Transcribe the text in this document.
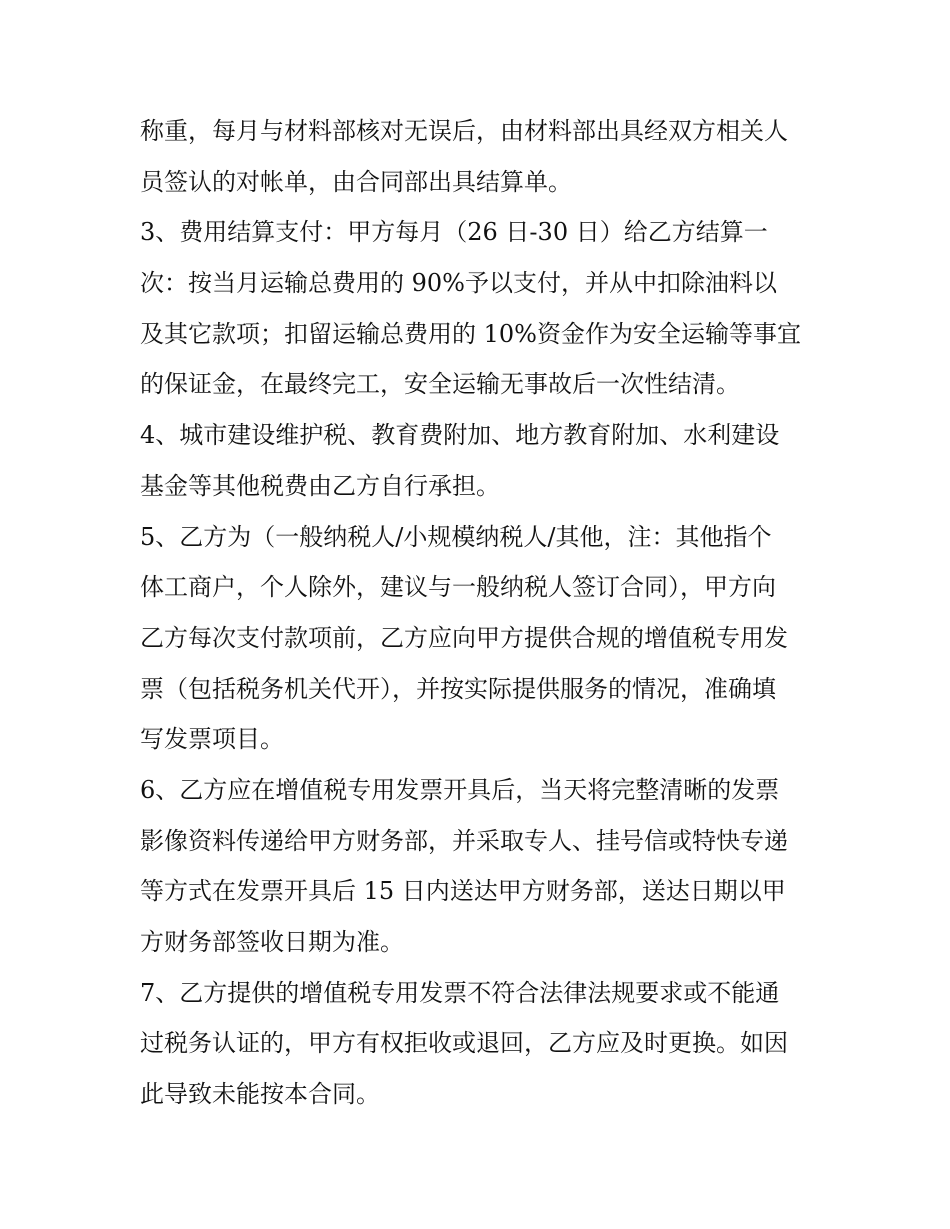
称重，每月与材料部核对无误后，由材料部出具经双方相关人
员签认的对帐单，由合同部出具结算单。
3、费用结算支付：甲方每月（26 日-30 日）给乙方结算一
次：按当月运输总费用的 90%予以支付，并从中扣除油料以
及其它款项；扣留运输总费用的 10%资金作为安全运输等事宜
的保证金，在最终完工，安全运输无事故后一次性结清。
4、城市建设维护税、教育费附加、地方教育附加、水利建设
基金等其他税费由乙方自行承担。
5、乙方为（一般纳税人/小规模纳税人/其他，注：其他指个
体工商户，个人除外，建议与一般纳税人签订合同），甲方向
乙方每次支付款项前，乙方应向甲方提供合规的增值税专用发
票（包括税务机关代开），并按实际提供服务的情况，准确填
写发票项目。
6、乙方应在增值税专用发票开具后，当天将完整清晰的发票
影像资料传递给甲方财务部，并采取专人、挂号信或特快专递
等方式在发票开具后 15 日内送达甲方财务部，送达日期以甲
方财务部签收日期为准。
7、乙方提供的增值税专用发票不符合法律法规要求或不能通
过税务认证的，甲方有权拒收或退回，乙方应及时更换。如因
此导致未能按本合同。
